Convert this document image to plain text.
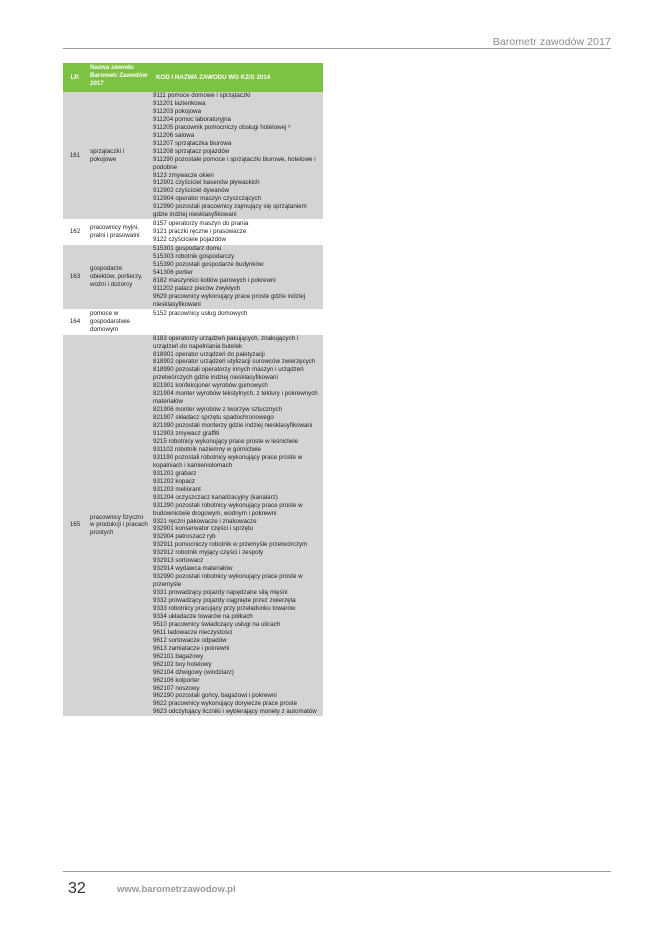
Barometr zawodów 2017
LP.
Nazwa zawodu Barometr Zawodów 2017
KOD I NAZWA ZAWODU WG KZiS 2014
161
sprzątaczki i pokojowe
9111 pomoce domowe i sprzątaczki
911201 łazienkowa
911203 pokojowa
911204 pomoc laboratoryjna
911205 pracownik pomocniczy obsługi hotelowej ⁵
911206 salowa
911207 sprzątaczka biurowa
911208 sprzątacz pojazdów
911290 pozostałe pomoce i sprzątaczki biurowe, hotelowe i podobne
9123 zmywacze okien
912901 czyściciel basenów pływackich
912902 czyściciel dywanów
912904 operator maszyn czyszczących
912990 pozostali pracownicy zajmujący się sprzątaniem gdzie indziej niesklasyfikowani
162
pracownicy myjni, pralni i prasowalni
8157 operatorzy maszyn do prania
9121 praczki ręczne i prasowacze
9122 czyściciele pojazdów
163
gospodarze obiektów, portierzy, woźni i dozorcy
515301 gospodarz domu
515303 robotnik gospodarczy
515390 pozostali gospodarze budynków
541306 portier
8182 maszyniści kotłów parowych i pokrewni
911202 palacz pieców zwykłych
9629 pracownicy wykonujący prace proste gdzie indziej niesklasyfikowani
164
pomoce w gospodarstwie domowym
5152 pracownicy usług domowych
165
pracownicy fizyczni w produkcji i pracach prostych
8183 operatorzy urządzeń pakujących, znakujących i urządzeń do napełniania butelek
818901 operator urządzeń do paletyzacji
818902 operator urządzeń utylizacji surowców zwierzęcych
818990 pozostali operatorzy innych maszyn i urządzeń przetwórczych gdzie indziej niesklasyfikowani
821901 konfekcjoner wyrobów gumowych
821904 monter wyrobów tekstylnych, z tektury i pokrewnych materiałów
821906 monter wyrobów z tworzyw sztucznych
821907 składacz sprzętu spadochronowego
821990 pozostali monterzy gdzie indziej niesklasyfikowani
912903 zmywacz graffiti
9215 robotnicy wykonujący prace proste w leśnictwie
931102 robotnik naziemny w górnictwie
931190 pozostali robotnicy wykonujący prace proste w kopalniach i kamieniołomach
931201 grabarz
931202 kopacz
931203 meliorant
931204 oczyszczacz kanalizacyjny (kanalarz)
931290 pozostali robotnicy wykonujący prace proste w budownictwie drogowym, wodnym i pokrewni
9321 ręczni pakowacze i znakowacze
932901 konserwator części i sprzętu
932904 patroszacz ryb
932911 pomocniczy robotnik w przemyśle przetwórczym
932912 robotnik myjący części i zespoły
932913 sortowacz
932914 wydawca materiałów
932990 pozostali robotnicy wykonujący prace proste w przemyśle
9331 prowadzący pojazdy napędzane siłą mięśni
9332 prowadzący pojazdy ciągnięte przez zwierzęta
9333 robotnicy pracujący przy przeładunku towarów
9334 układacze towarów na półkach
9510 pracownicy świadczący usługi na ulicach
9611 ładowacze nieczystości
9612 sortowacze odpadów
9613 zamiatacze i pokrewni
962101 bagażowy
962102 boy hotelowy
962104 dźwigowy (windziarz)
962106 kolporter
962107 noszowy
962190 pozostali gońcy, bagażowi i pokrewni
9622 pracownicy wykonujący dorywcze prace proste
9623 odczytujący liczniki i wybierający monety z automatów
32	www.barometrzawodow.pl
